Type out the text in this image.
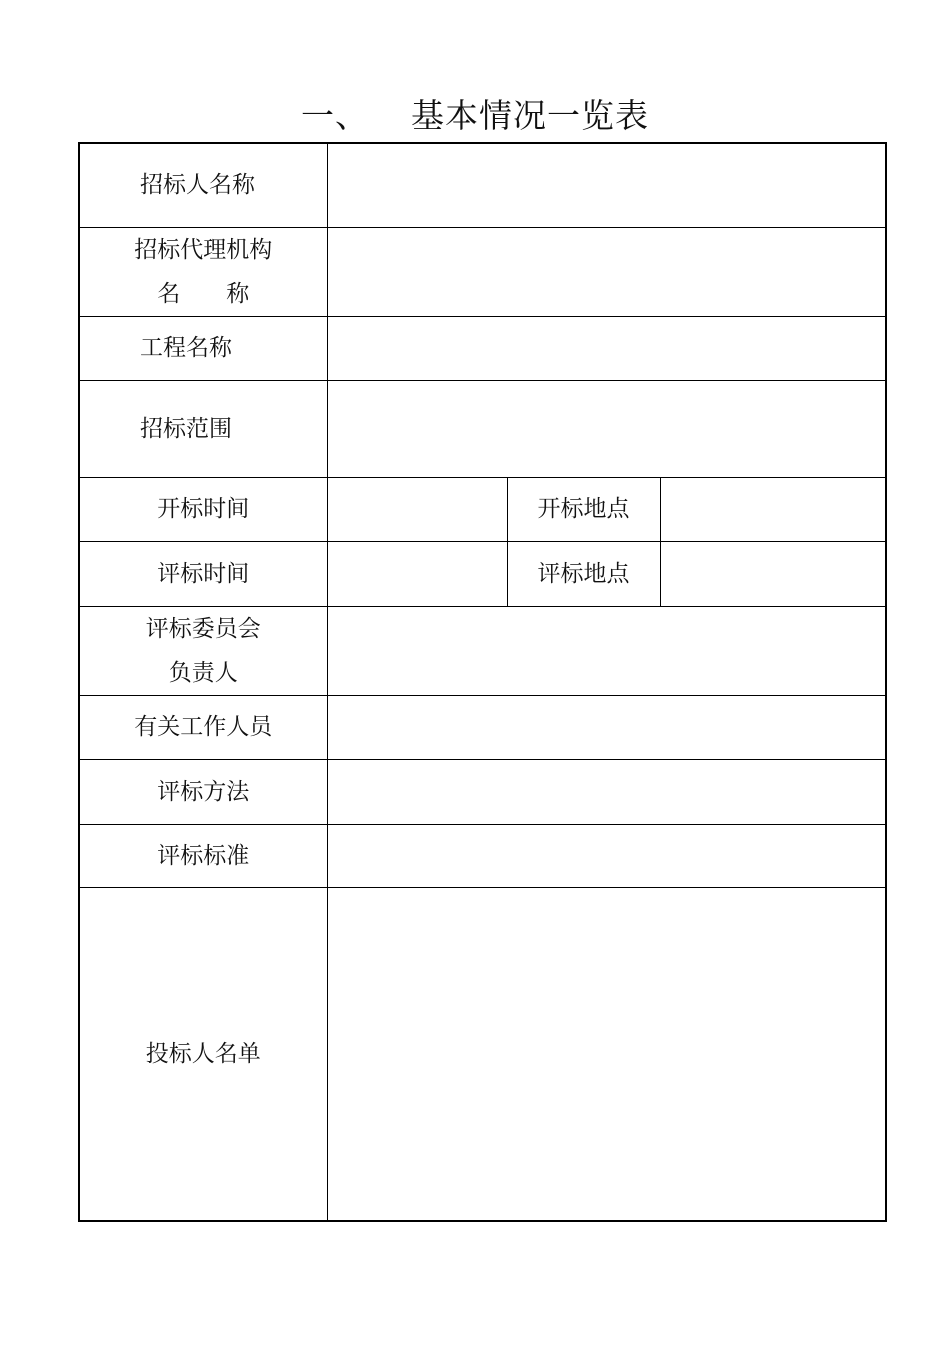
一、 基本情况一览表
招标人名称			

招标代理机构
名　　称			

工程名称			

招标范围			

开标时间		开标地点	
评标时间		评标地点	

评标委员会
负责人			

有关工作人员			
评标方法			
评标标准			
投标人名单			
